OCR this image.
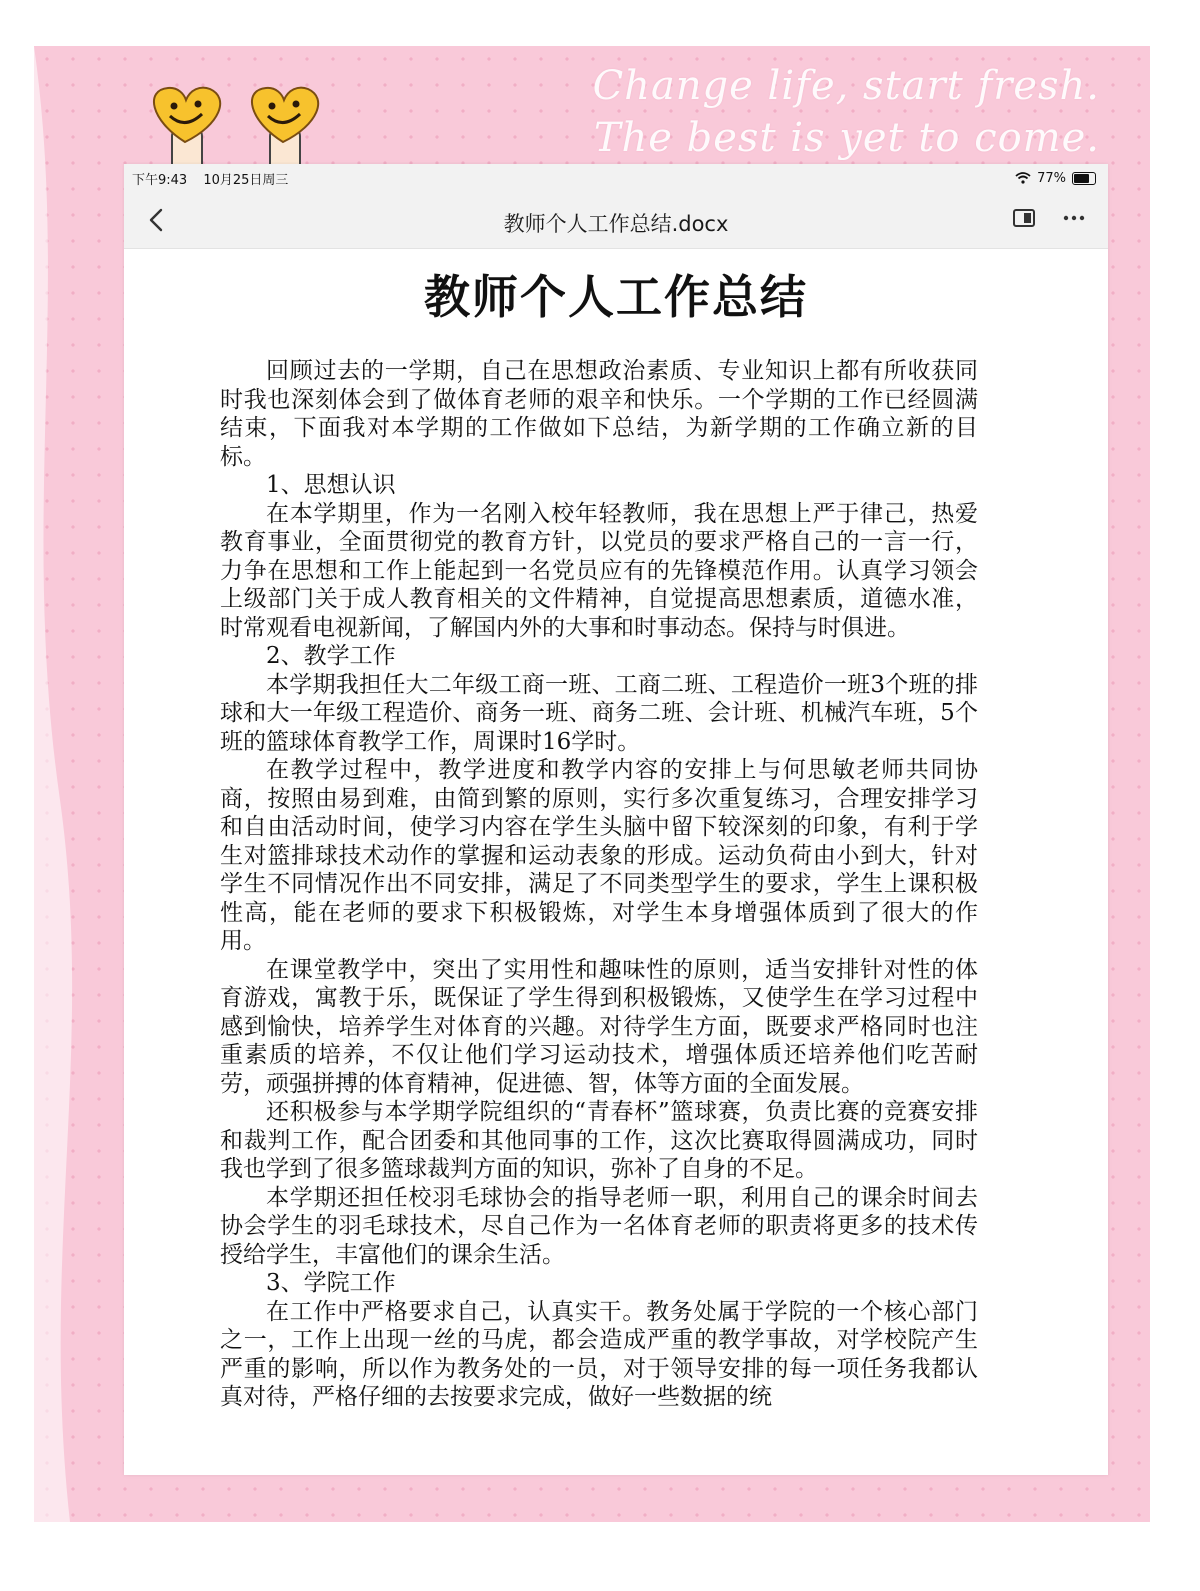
Change life, start fresh.
The best is yet to come.
下午9:43 10月25日周三	77%
教师个人工作总结.docx
教师个人工作总结

回顾过去的一学期，自己在思想政治素质、专业知识上都有所收获同时我也深刻体会到了做体育老师的艰辛和快乐。一个学期的工作已经圆满结束，下面我对本学期的工作做如下总结，为新学期的工作确立新的目标。

1、思想认识

在本学期里，作为一名刚入校年轻教师，我在思想上严于律己，热爱教育事业，全面贯彻党的教育方针，以党员的要求严格自己的一言一行，力争在思想和工作上能起到一名党员应有的先锋模范作用。认真学习领会上级部门关于成人教育相关的文件精神，自觉提高思想素质，道德水准，时常观看电视新闻，了解国内外的大事和时事动态。保持与时俱进。

2、教学工作

本学期我担任大二年级工商一班、工商二班、工程造价一班3个班的排球和大一年级工程造价、商务一班、商务二班、会计班、机械汽车班，5个班的篮球体育教学工作，周课时16学时。

在教学过程中，教学进度和教学内容的安排上与何思敏老师共同协商，按照由易到难，由简到繁的原则，实行多次重复练习，合理安排学习和自由活动时间，使学习内容在学生头脑中留下较深刻的印象，有利于学生对篮排球技术动作的掌握和运动表象的形成。运动负荷由小到大，针对学生不同情况作出不同安排，满足了不同类型学生的要求，学生上课积极性高，能在老师的要求下积极锻炼，对学生本身增强体质到了很大的作用。

在课堂教学中，突出了实用性和趣味性的原则，适当安排针对性的体育游戏，寓教于乐，既保证了学生得到积极锻炼，又使学生在学习过程中感到愉快，培养学生对体育的兴趣。对待学生方面，既要求严格同时也注重素质的培养，不仅让他们学习运动技术，增强体质还培养他们吃苦耐劳，顽强拼搏的体育精神，促进德、智，体等方面的全面发展。

还积极参与本学期学院组织的“青春杯”篮球赛，负责比赛的竞赛安排和裁判工作，配合团委和其他同事的工作，这次比赛取得圆满成功，同时我也学到了很多篮球裁判方面的知识，弥补了自身的不足。

本学期还担任校羽毛球协会的指导老师一职，利用自己的课余时间去协会学生的羽毛球技术，尽自己作为一名体育老师的职责将更多的技术传授给学生，丰富他们的课余生活。

3、学院工作

在工作中严格要求自己，认真实干。教务处属于学院的一个核心部门之一，工作上出现一丝的马虎，都会造成严重的教学事故，对学校院产生严重的影响，所以作为教务处的一员，对于领导安排的每一项任务我都认真对待，严格仔细的去按要求完成，做好一些数据的统
